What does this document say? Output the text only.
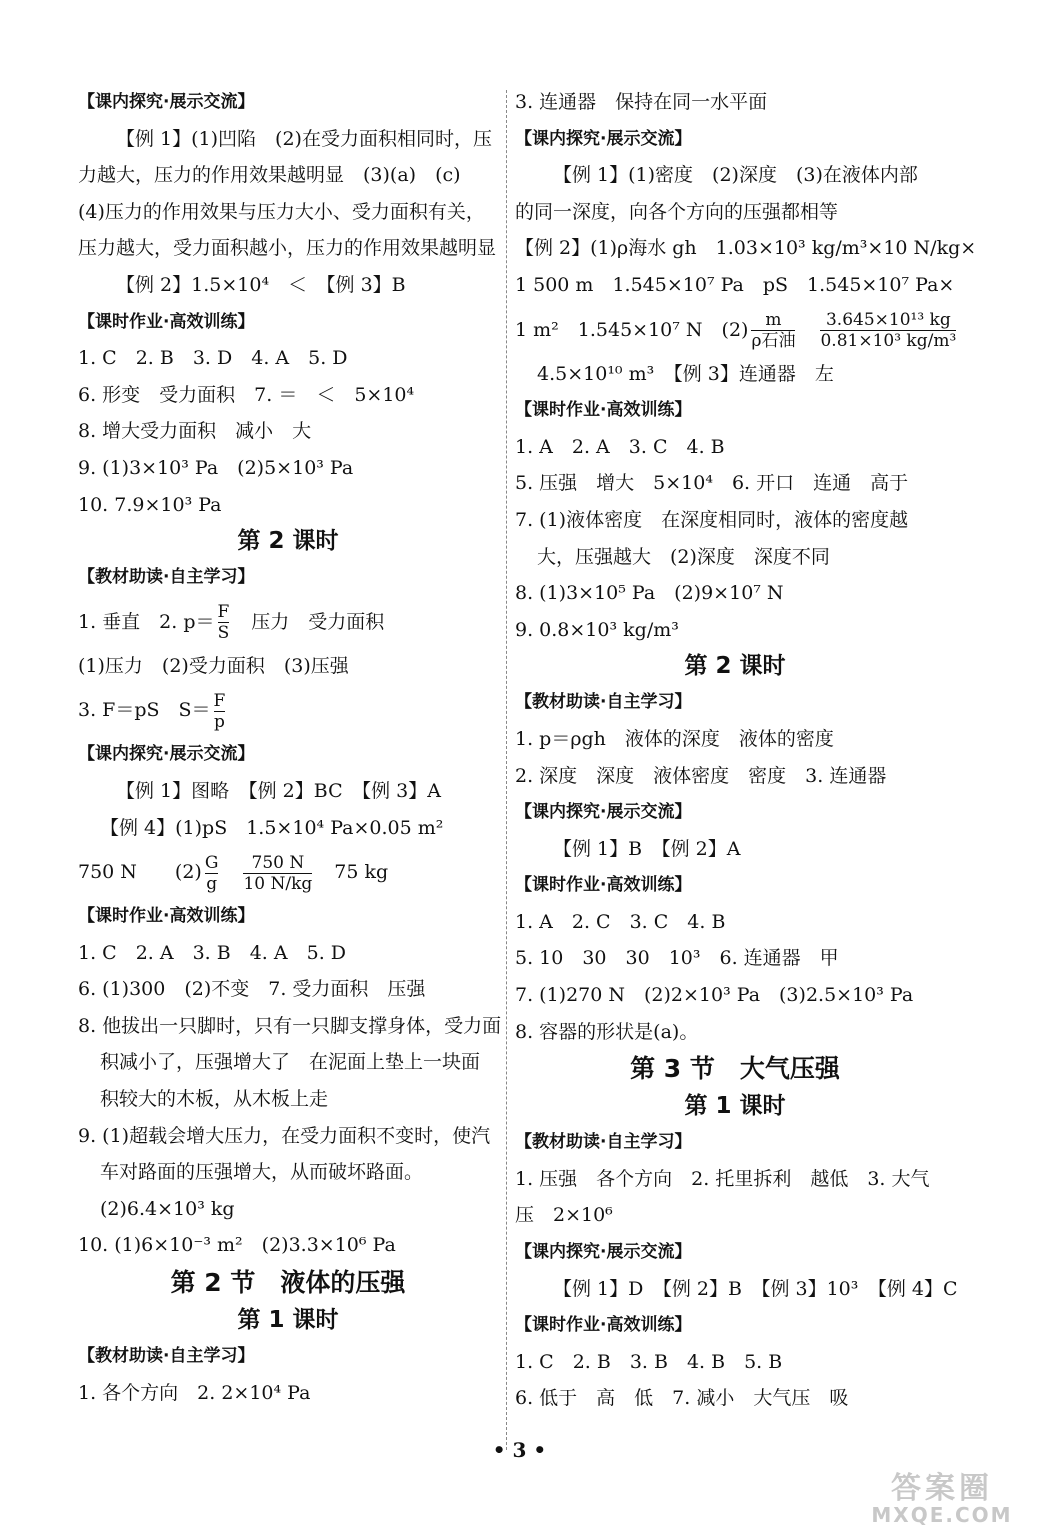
【课内探究·展示交流】
【例 1】(1)凹陷　(2)在受力面积相同时，压
力越大，压力的作用效果越明显　(3)(a)　(c)
(4)压力的作用效果与压力大小、受力面积有关，
压力越大，受力面积越小，压力的作用效果越明显
【例 2】1.5×10⁴　＜　【例 3】B
【课时作业·高效训练】
1. C　2. B　3. D　4. A　5. D
6. 形变　受力面积　7. ＝　＜　5×10⁴
8. 增大受力面积　减小　大
9. (1)3×10³ Pa　(2)5×10³ Pa
10. 7.9×10³ Pa
第 2 课时
【教材助读·自主学习】
1. 垂直　2. $p= \frac{F}{S}$ 　压力　受力面积
(1)压力　(2)受力面积　(3)压强
3. F＝pS　$S= \frac{F}{p}$
【课内探究·展示交流】
【例 1】图略　【例 2】BC　【例 3】A
【例 4】(1)pS　1.5×10⁴ Pa×0.05 m²
750 N　　$(2) \frac{G}{g}$
　 $\frac{750 N}{10 N/kg}$ 　75 kg
【课时作业·高效训练】
1. C　2. A　3. B　4. A　5. D
6. (1)300　(2)不变　7. 受力面积　压强
8. 他拔出一只脚时，只有一只脚支撑身体，受力面
积减小了，压强增大了　在泥面上垫上一块面
积较大的木板，从木板上走
9. (1)超载会增大压力，在受力面积不变时，使汽
车对路面的压强增大，从而破坏路面。
(2)6.4×10³ kg
10. (1)6×10⁻³ m²　(2)3.3×10⁶ Pa
第 2 节　液体的压强
第 1 课时
【教材助读·自主学习】
1. 各个方向　2. 2×10⁴ Pa
3. 连通器　保持在同一水平面
【课内探究·展示交流】
【例 1】(1)密度　(2)深度　(3)在液体内部
的同一深度，向各个方向的压强都相等
【例 2】(1)ρ海水 gh　1.03×10³ kg/m³×10 N/kg×
1 500 m　1.545×10⁷ Pa　pS　1.545×10⁷ Pa×
1 m²　1.545×10⁷ N　$(2) \frac{m}{\text{ρ石油}}$
　 $\frac{\text{3.645×10¹³ kg}}{\text{0.81×10³ kg/m³}}$
4.5×10¹⁰ m³　【例 3】连通器　左
【课时作业·高效训练】
1. A　2. A　3. C　4. B
5. 压强　增大　5×10⁴　6. 开口　连通　高于
7. (1)液体密度　在深度相同时，液体的密度越
大，压强越大　(2)深度　深度不同
8. (1)3×10⁵ Pa　(2)9×10⁷ N
9. 0.8×10³ kg/m³
第 2 课时
【教材助读·自主学习】
1. p＝ρgh　液体的深度　液体的密度
2. 深度　深度　液体密度　密度　3. 连通器
【课内探究·展示交流】
【例 1】B　【例 2】A
【课时作业·高效训练】
1. A　2. C　3. C　4. B
5. 10　30　30　10³　6. 连通器　甲
7. (1)270 N　(2)2×10³ Pa　(3)2.5×10³ Pa
8. 容器的形状是(a)。
第 3 节　大气压强
第 1 课时
【教材助读·自主学习】
1. 压强　各个方向　2. 托里拆利　越低　3. 大气
压　2×10⁶
【课内探究·展示交流】
【例 1】D　【例 2】B　【例 3】10³　【例 4】C
【课时作业·高效训练】
1. C　2. B　3. B　4. B　5. B
6. 低于　高　低　7. 减小　大气压　吸
• 3 •
答案圈
MXQE.COM
